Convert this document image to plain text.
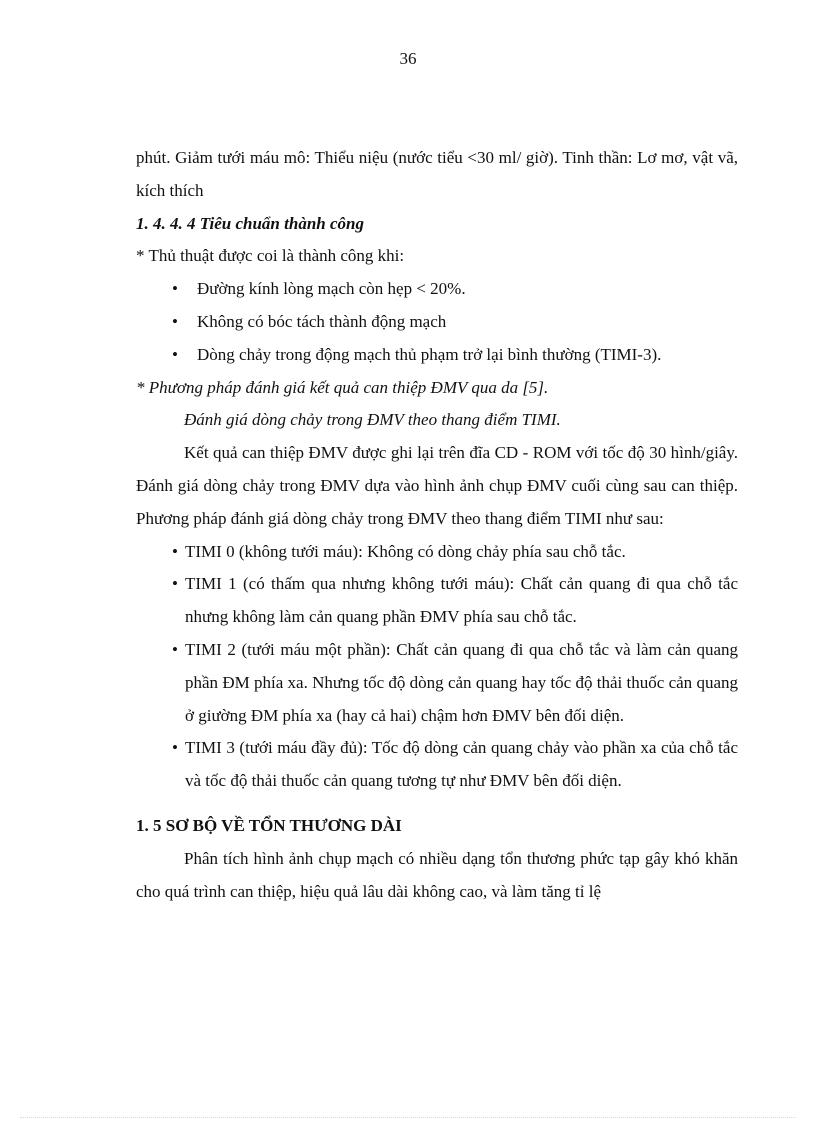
36

phút. Giảm tưới máu mô: Thiểu niệu (nước tiểu <30 ml/ giờ). Tinh thần: Lơ mơ, vật vã, kích thích

1. 4. 4. 4 Tiêu chuẩn thành công

* Thủ thuật được coi là thành công khi:

• Đường kính lòng mạch còn hẹp < 20%.
• Không có bóc tách thành động mạch
• Dòng chảy trong động mạch thủ phạm trở lại bình thường (TIMI-3).

* Phương pháp đánh giá kết quả can thiệp ĐMV qua da [5].

Đánh giá dòng chảy trong ĐMV theo thang điểm TIMI.

Kết quả can thiệp ĐMV được ghi lại trên đĩa CD - ROM với tốc độ 30 hình/giây. Đánh giá dòng chảy trong ĐMV dựa vào hình ảnh chụp ĐMV cuối cùng sau can thiệp. Phương pháp đánh giá dòng chảy trong ĐMV theo thang điểm TIMI như sau:

• TIMI 0 (không tưới máu): Không có dòng chảy phía sau chỗ tắc.
• TIMI 1 (có thấm qua nhưng không tưới máu): Chất cản quang đi qua chỗ tắc nhưng không làm cản quang phần ĐMV phía sau chỗ tắc.
• TIMI 2 (tưới máu một phần): Chất cản quang đi qua chỗ tắc và làm cản quang phần ĐM phía xa. Nhưng tốc độ dòng cản quang hay tốc độ thải thuốc cản quang ở giường ĐM phía xa (hay cả hai) chậm hơn ĐMV bên đối diện.
• TIMI 3 (tưới máu đầy đủ): Tốc độ dòng cản quang chảy vào phần xa của chỗ tắc và tốc độ thải thuốc cản quang tương tự như ĐMV bên đối diện.

1. 5 SƠ BỘ VỀ TỔN THƯƠNG DÀI

Phân tích hình ảnh chụp mạch có nhiều dạng tổn thương phức tạp gây khó khăn cho quá trình can thiệp, hiệu quả lâu dài không cao, và làm tăng tỉ lệ
